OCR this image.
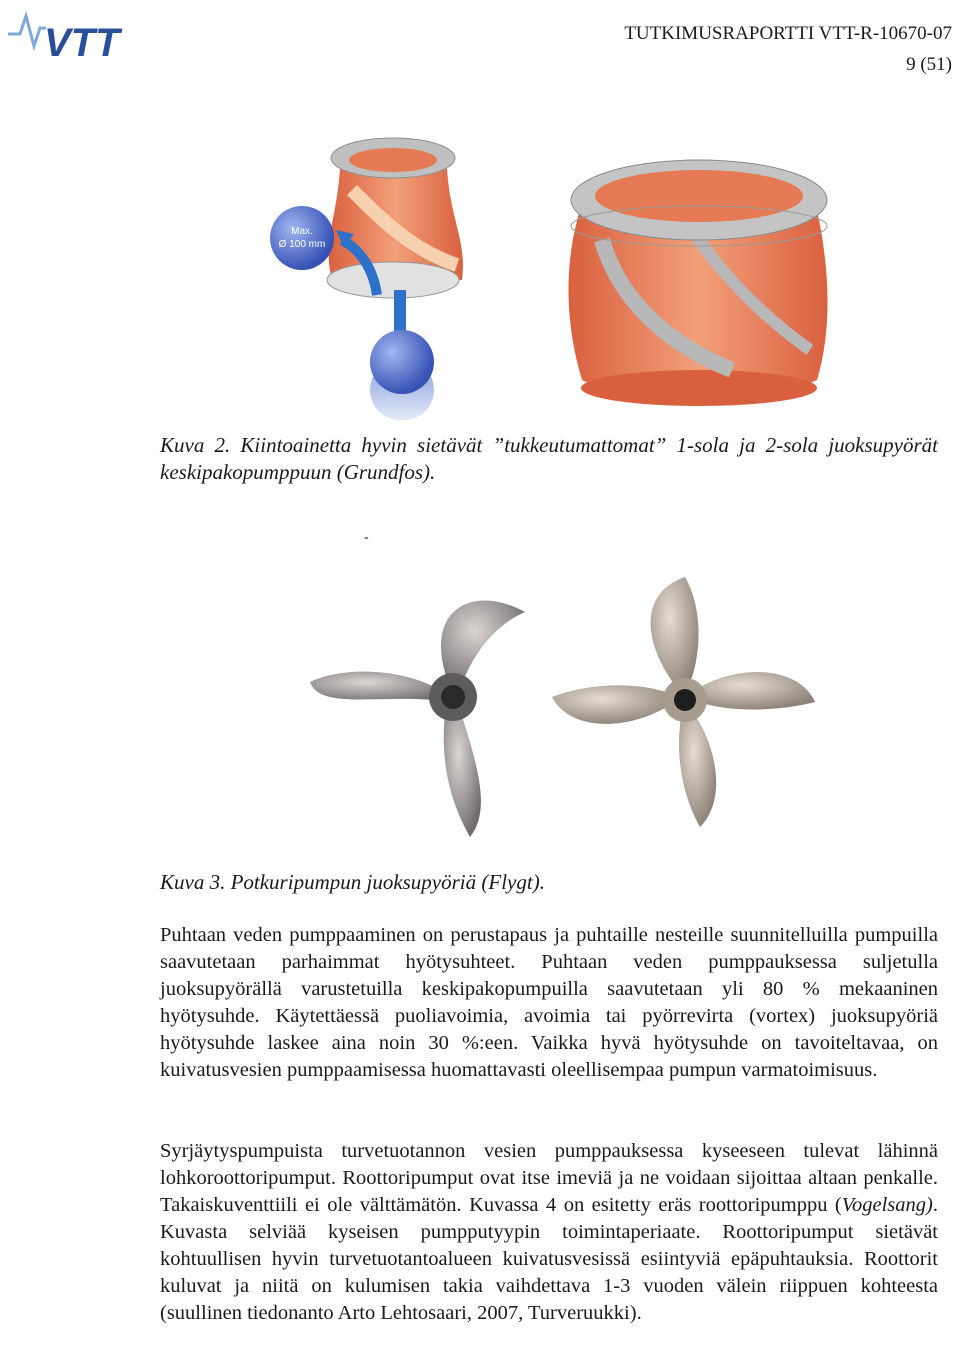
VTT	TUTKIMUSRAPORTTI VTT-R-10670-07
9 (51)
Max.
Ø 100 mm
Kuva 2. Kiintoainetta hyvin sietävät ”tukkeutumattomat” 1-sola ja 2-sola juoksupyörät keskipakopumppuun (Grundfos).
-
Kuva 3. Potkuripumpun juoksupyöriä (Flygt).

Puhtaan veden pumppaaminen on perustapaus ja puhtaille nesteille suunnitelluilla pumpuilla saavutetaan parhaimmat hyötysuhteet. Puhtaan veden pumppauksessa suljetulla juoksupyörällä varustetuilla keskipakopumpuilla saavutetaan yli 80 % mekaaninen hyötysuhde. Käytettäessä puoliavoimia, avoimia tai pyörrevirta (vortex) juoksupyöriä hyötysuhde laskee aina noin 30 %:een. Vaikka hyvä hyötysuhde on tavoiteltavaa, on kuivatusvesien pumppaamisessa huomattavasti oleellisempaa pumpun varmatoimisuus.

Syrjäytyspumpuista turvetuotannon vesien pumppauksessa kyseeseen tulevat lähinnä lohkoroottoripumput. Roottoripumput ovat itse imeviä ja ne voidaan sijoittaa altaan penkalle. Takaiskuventtiili ei ole välttämätön. Kuvassa 4 on esitetty eräs roottoripumppu (Vogelsang). Kuvasta selviää kyseisen pumpputyypin toimintaperiaate. Roottoripumput sietävät kohtuullisen hyvin turvetuotantoalueen kuivatusvesissä esiintyviä epäpuhtauksia. Roottorit kuluvat ja niitä on kulumisen takia vaihdettava 1-3 vuoden välein riippuen kohteesta (suullinen tiedonanto Arto Lehtosaari, 2007, Turveruukki).
